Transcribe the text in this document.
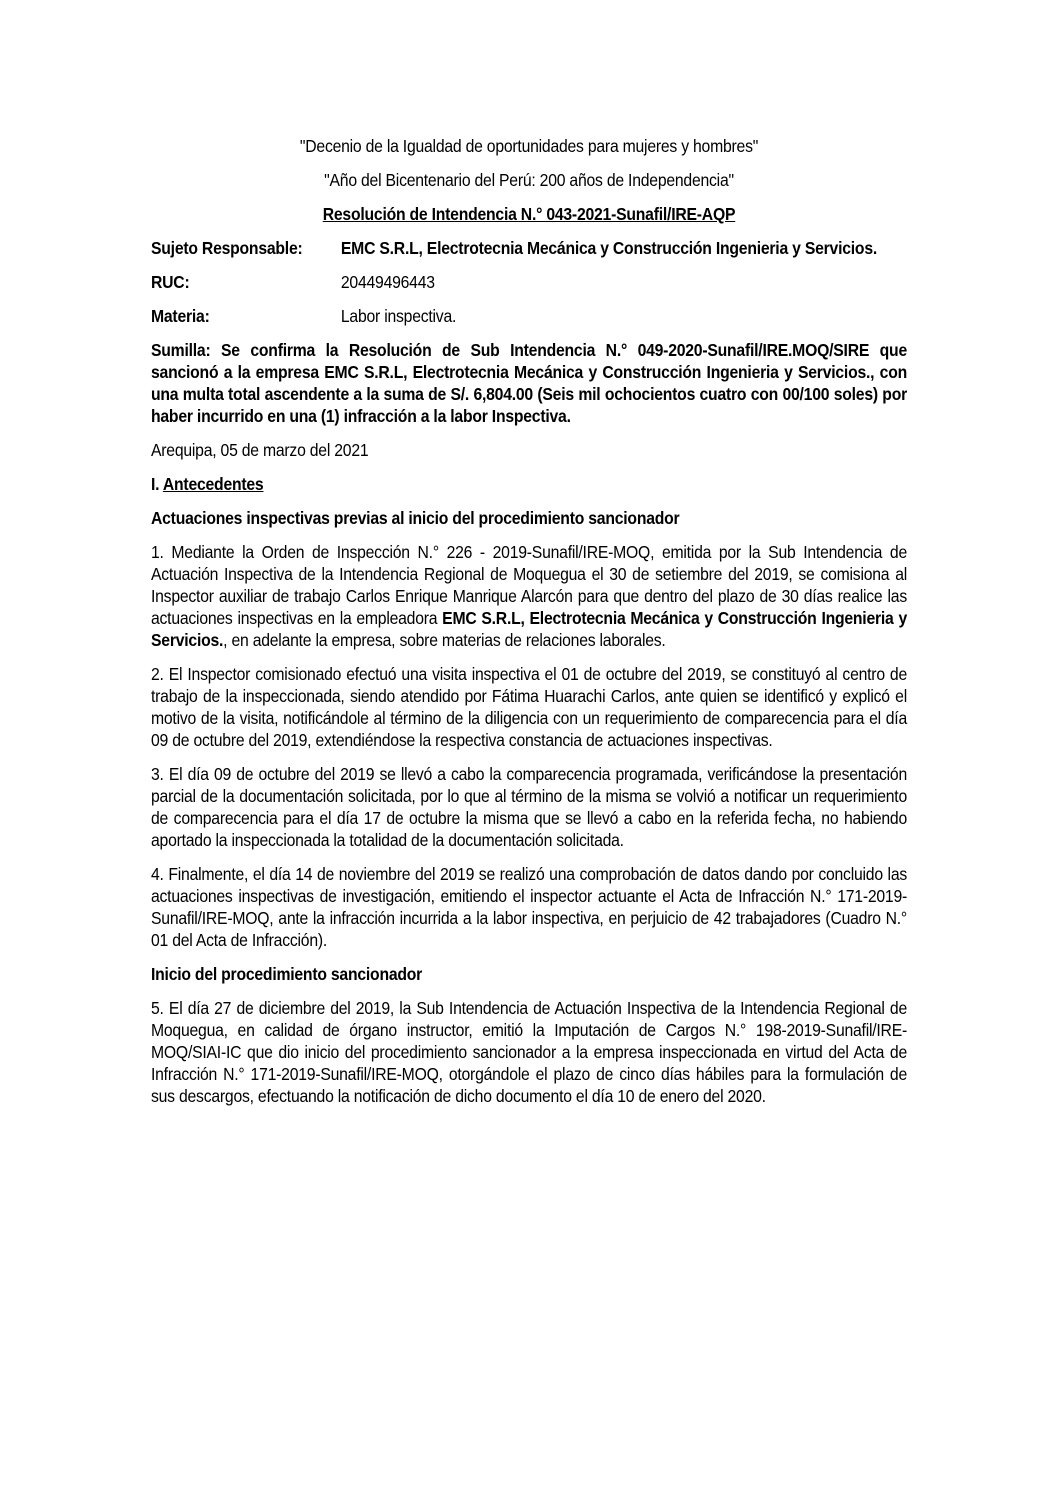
"Decenio de la Igualdad de oportunidades para mujeres y hombres"

"Año del Bicentenario del Perú: 200 años de Independencia"

Resolución de Intendencia N.° 043-2021-Sunafil/IRE-AQP

Sujeto Responsable:	EMC S.R.L, Electrotecnia Mecánica y Construcción Ingenieria y Servicios.
RUC:	20449496443
Materia:	Labor inspectiva.

Sumilla: Se confirma la Resolución de Sub Intendencia N.° 049-2020-Sunafil/IRE.MOQ/SIRE que sancionó a la empresa EMC S.R.L, Electrotecnia Mecánica y Construcción Ingenieria y Servicios., con una multa total ascendente a la suma de S/. 6,804.00 (Seis mil ochocientos cuatro con 00/100 soles) por haber incurrido en una (1) infracción a la labor Inspectiva.

Arequipa, 05 de marzo del 2021

I. Antecedentes

Actuaciones inspectivas previas al inicio del procedimiento sancionador

1. Mediante la Orden de Inspección N.° 226 - 2019-Sunafil/IRE-MOQ, emitida por la Sub Intendencia de Actuación Inspectiva de la Intendencia Regional de Moquegua el 30 de setiembre del 2019, se comisiona al Inspector auxiliar de trabajo Carlos Enrique Manrique Alarcón para que dentro del plazo de 30 días realice las actuaciones inspectivas en la empleadora EMC S.R.L, Electrotecnia Mecánica y Construcción Ingenieria y Servicios., en adelante la empresa, sobre materias de relaciones laborales.

2. El Inspector comisionado efectuó una visita inspectiva el 01 de octubre del 2019, se constituyó al centro de trabajo de la inspeccionada, siendo atendido por Fátima Huarachi Carlos, ante quien se identificó y explicó el motivo de la visita, notificándole al término de la diligencia con un requerimiento de comparecencia para el día 09 de octubre del 2019, extendiéndose la respectiva constancia de actuaciones inspectivas.

3. El día 09 de octubre del 2019 se llevó a cabo la comparecencia programada, verificándose la presentación parcial de la documentación solicitada, por lo que al término de la misma se volvió a notificar un requerimiento de comparecencia para el día 17 de octubre la misma que se llevó a cabo en la referida fecha, no habiendo aportado la inspeccionada la totalidad de la documentación solicitada.

4. Finalmente, el día 14 de noviembre del 2019 se realizó una comprobación de datos dando por concluido las actuaciones inspectivas de investigación, emitiendo el inspector actuante el Acta de Infracción N.° 171-2019-Sunafil/IRE-MOQ, ante la infracción incurrida a la labor inspectiva, en perjuicio de 42 trabajadores (Cuadro N.° 01 del Acta de Infracción).

Inicio del procedimiento sancionador

5. El día 27 de diciembre del 2019, la Sub Intendencia de Actuación Inspectiva de la Intendencia Regional de Moquegua, en calidad de órgano instructor, emitió la Imputación de Cargos N.° 198-2019-Sunafil/IRE-MOQ/SIAI-IC que dio inicio del procedimiento sancionador a la empresa inspeccionada en virtud del Acta de Infracción N.° 171-2019-Sunafil/IRE-MOQ, otorgándole el plazo de cinco días hábiles para la formulación de sus descargos, efectuando la notificación de dicho documento el día 10 de enero del 2020.
